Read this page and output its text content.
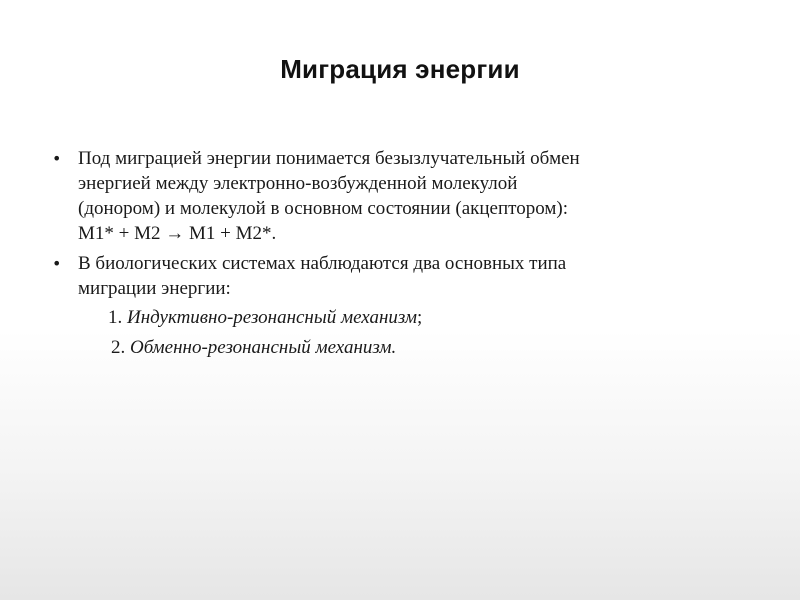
Миграция энергии
• Под миграцией энергии понимается безызлучательный обмен
энергией между электронно-возбужденной молекулой
(донором) и молекулой в основном состоянии (акцептором):
М1* + М2 → М1 + М2*.
• В биологических системах наблюдаются два основных типа
миграции энергии:
1. Индуктивно-резонансный механизм;
2. Обменно-резонансный механизм.
